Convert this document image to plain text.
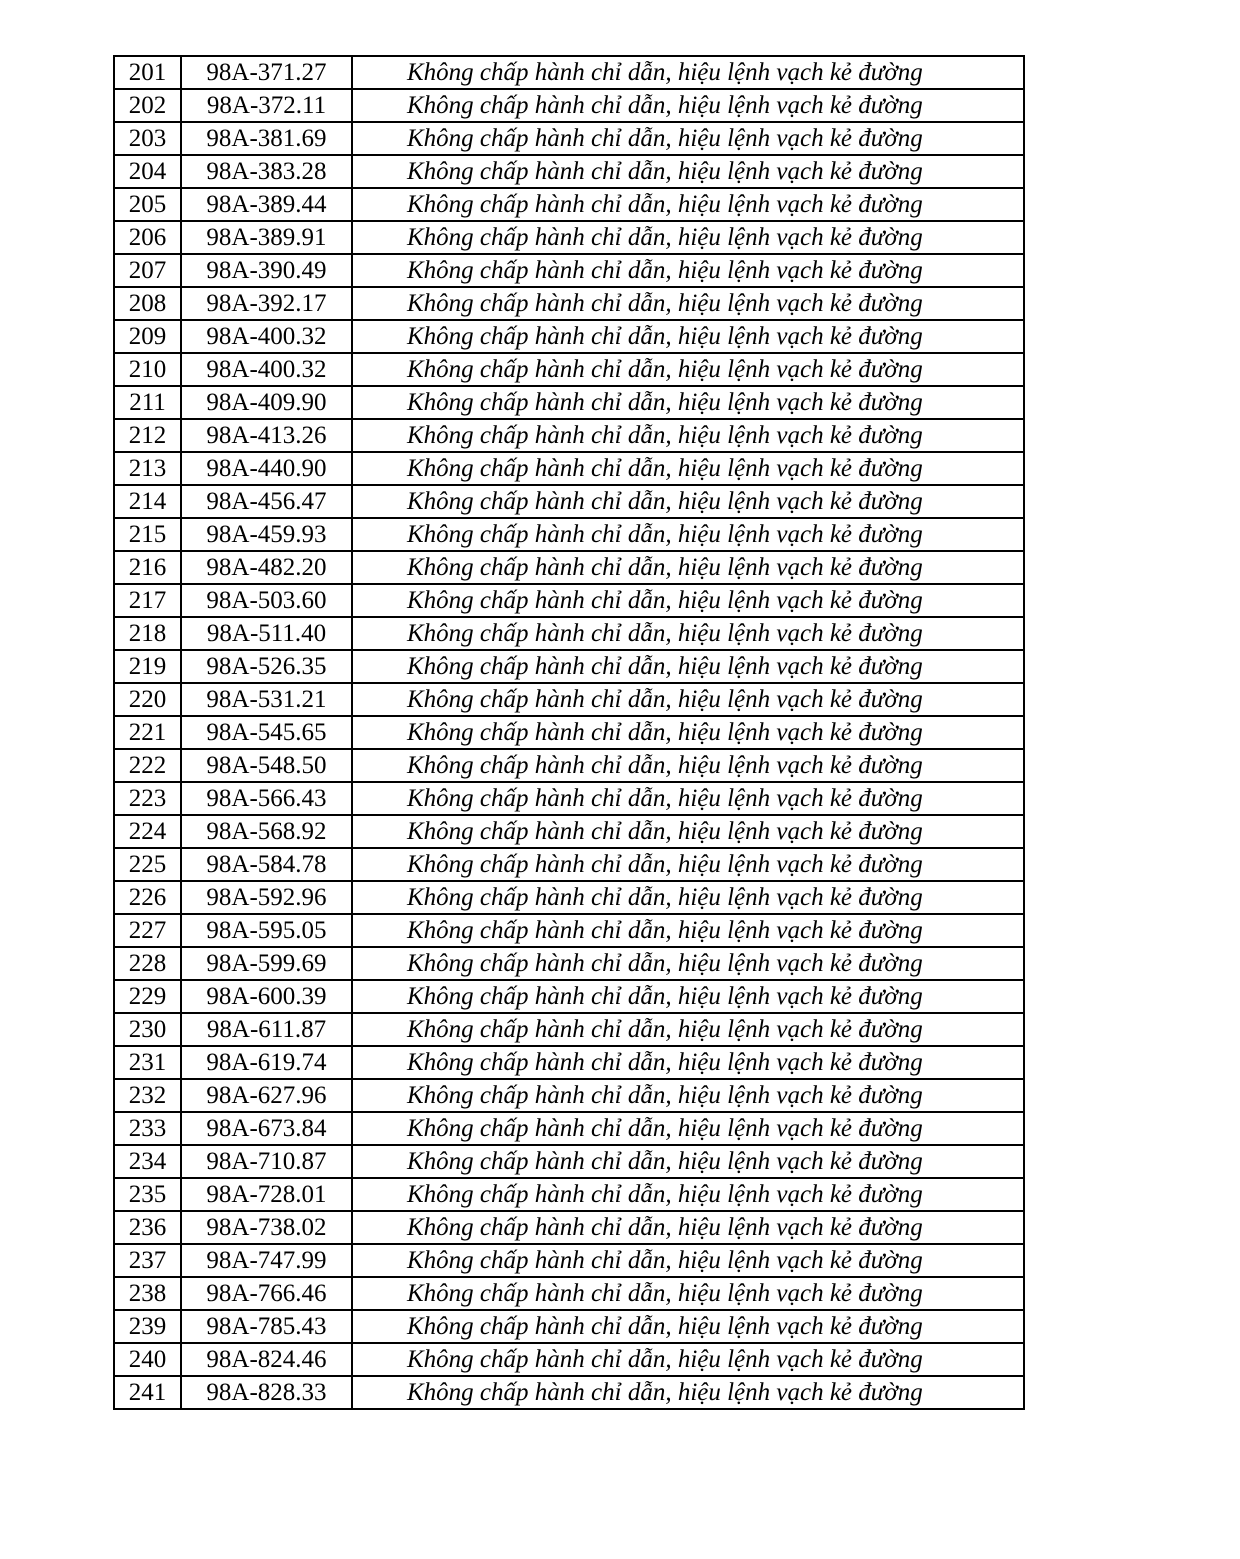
201	98A-371.27	Không chấp hành chỉ dẫn, hiệu lệnh vạch kẻ đường
202	98A-372.11	Không chấp hành chỉ dẫn, hiệu lệnh vạch kẻ đường
203	98A-381.69	Không chấp hành chỉ dẫn, hiệu lệnh vạch kẻ đường
204	98A-383.28	Không chấp hành chỉ dẫn, hiệu lệnh vạch kẻ đường
205	98A-389.44	Không chấp hành chỉ dẫn, hiệu lệnh vạch kẻ đường
206	98A-389.91	Không chấp hành chỉ dẫn, hiệu lệnh vạch kẻ đường
207	98A-390.49	Không chấp hành chỉ dẫn, hiệu lệnh vạch kẻ đường
208	98A-392.17	Không chấp hành chỉ dẫn, hiệu lệnh vạch kẻ đường
209	98A-400.32	Không chấp hành chỉ dẫn, hiệu lệnh vạch kẻ đường
210	98A-400.32	Không chấp hành chỉ dẫn, hiệu lệnh vạch kẻ đường
211	98A-409.90	Không chấp hành chỉ dẫn, hiệu lệnh vạch kẻ đường
212	98A-413.26	Không chấp hành chỉ dẫn, hiệu lệnh vạch kẻ đường
213	98A-440.90	Không chấp hành chỉ dẫn, hiệu lệnh vạch kẻ đường
214	98A-456.47	Không chấp hành chỉ dẫn, hiệu lệnh vạch kẻ đường
215	98A-459.93	Không chấp hành chỉ dẫn, hiệu lệnh vạch kẻ đường
216	98A-482.20	Không chấp hành chỉ dẫn, hiệu lệnh vạch kẻ đường
217	98A-503.60	Không chấp hành chỉ dẫn, hiệu lệnh vạch kẻ đường
218	98A-511.40	Không chấp hành chỉ dẫn, hiệu lệnh vạch kẻ đường
219	98A-526.35	Không chấp hành chỉ dẫn, hiệu lệnh vạch kẻ đường
220	98A-531.21	Không chấp hành chỉ dẫn, hiệu lệnh vạch kẻ đường
221	98A-545.65	Không chấp hành chỉ dẫn, hiệu lệnh vạch kẻ đường
222	98A-548.50	Không chấp hành chỉ dẫn, hiệu lệnh vạch kẻ đường
223	98A-566.43	Không chấp hành chỉ dẫn, hiệu lệnh vạch kẻ đường
224	98A-568.92	Không chấp hành chỉ dẫn, hiệu lệnh vạch kẻ đường
225	98A-584.78	Không chấp hành chỉ dẫn, hiệu lệnh vạch kẻ đường
226	98A-592.96	Không chấp hành chỉ dẫn, hiệu lệnh vạch kẻ đường
227	98A-595.05	Không chấp hành chỉ dẫn, hiệu lệnh vạch kẻ đường
228	98A-599.69	Không chấp hành chỉ dẫn, hiệu lệnh vạch kẻ đường
229	98A-600.39	Không chấp hành chỉ dẫn, hiệu lệnh vạch kẻ đường
230	98A-611.87	Không chấp hành chỉ dẫn, hiệu lệnh vạch kẻ đường
231	98A-619.74	Không chấp hành chỉ dẫn, hiệu lệnh vạch kẻ đường
232	98A-627.96	Không chấp hành chỉ dẫn, hiệu lệnh vạch kẻ đường
233	98A-673.84	Không chấp hành chỉ dẫn, hiệu lệnh vạch kẻ đường
234	98A-710.87	Không chấp hành chỉ dẫn, hiệu lệnh vạch kẻ đường
235	98A-728.01	Không chấp hành chỉ dẫn, hiệu lệnh vạch kẻ đường
236	98A-738.02	Không chấp hành chỉ dẫn, hiệu lệnh vạch kẻ đường
237	98A-747.99	Không chấp hành chỉ dẫn, hiệu lệnh vạch kẻ đường
238	98A-766.46	Không chấp hành chỉ dẫn, hiệu lệnh vạch kẻ đường
239	98A-785.43	Không chấp hành chỉ dẫn, hiệu lệnh vạch kẻ đường
240	98A-824.46	Không chấp hành chỉ dẫn, hiệu lệnh vạch kẻ đường
241	98A-828.33	Không chấp hành chỉ dẫn, hiệu lệnh vạch kẻ đường
